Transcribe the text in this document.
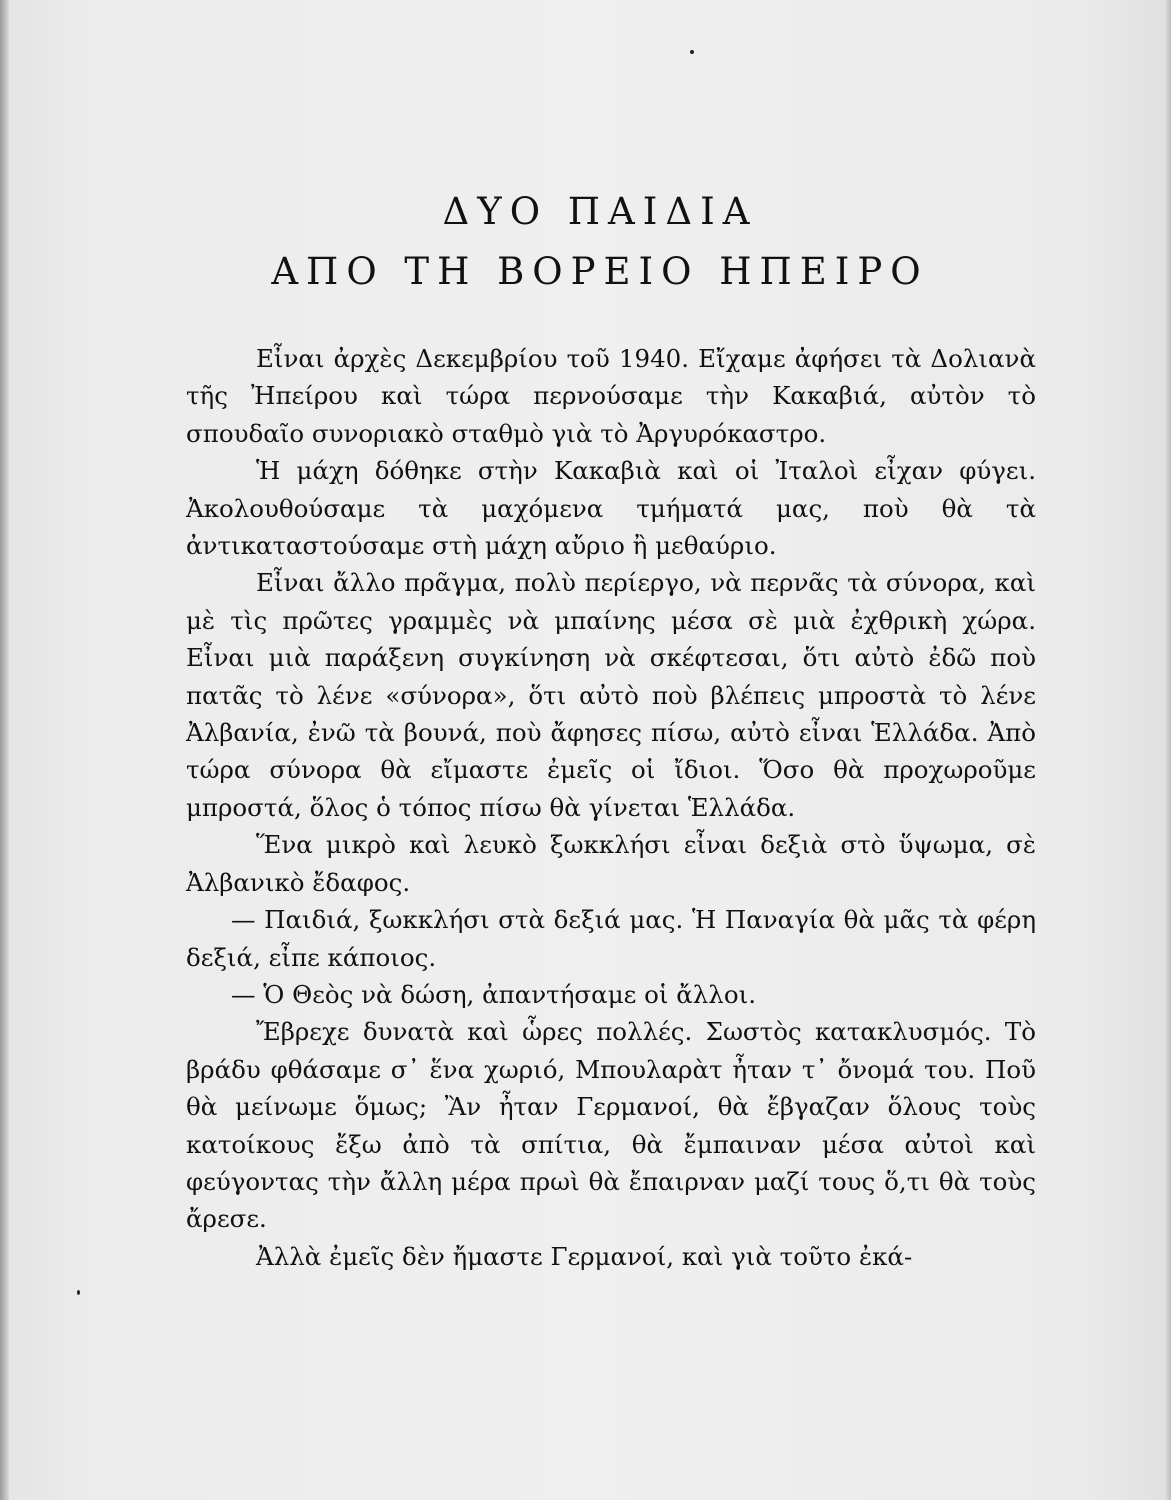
ΔΥΟ ΠΑΙΔΙΑ
ΑΠΟ ΤΗ ΒΟΡΕΙΟ ΗΠΕΙΡΟ

Εἶναι ἀρχὲς Δεκεμβρίου τοῦ 1940. Εἴχαμε ἀφήσει τὰ Δολιανὰ τῆς Ἠπείρου καὶ τώρα περνούσαμε τὴν Κακαβιά, αὐτὸν τὸ σπουδαῖο συνοριακὸ σταθμὸ γιὰ τὸ Ἀργυρόκαστρο.

Ἡ μάχη δόθηκε στὴν Κακαβιὰ καὶ οἱ Ἰταλοὶ εἶχαν φύγει. Ἀκολουθούσαμε τὰ μαχόμενα τμήματά μας, ποὺ θὰ τὰ ἀντικαταστούσαμε στὴ μάχη αὔριο ἢ μεθαύριο.

Εἶναι ἄλλο πρᾶγμα, πολὺ περίεργο, νὰ περνᾶς τὰ σύνορα, καὶ μὲ τὶς πρῶτες γραμμὲς νὰ μπαίνης μέσα σὲ μιὰ ἐχθρικὴ χώρα. Εἶναι μιὰ παράξενη συγκίνηση νὰ σκέφτεσαι, ὅτι αὐτὸ ἐδῶ ποὺ πατᾶς τὸ λένε «σύνορα», ὅτι αὐτὸ ποὺ βλέπεις μπροστὰ τὸ λένε Ἀλβανία, ἐνῶ τὰ βουνά, ποὺ ἄφησες πίσω, αὐτὸ εἶναι Ἑλλάδα. Ἀπὸ τώρα σύνορα θὰ εἴμαστε ἐμεῖς οἱ ἴδιοι. Ὅσο θὰ προχωροῦμε μπροστά, ὅλος ὁ τόπος πίσω θὰ γίνεται Ἑλλάδα.

Ἕνα μικρὸ καὶ λευκὸ ξωκκλήσι εἶναι δεξιὰ στὸ ὕψωμα, σὲ Ἀλβανικὸ ἔδαφος.

— Παιδιά, ξωκκλήσι στὰ δεξιά μας. Ἡ Παναγία θὰ μᾶς τὰ φέρη δεξιά, εἶπε κάποιος.

— Ὁ Θεὸς νὰ δώση, ἀπαντήσαμε οἱ ἄλλοι.

Ἔβρεχε δυνατὰ καὶ ὧρες πολλές. Σωστὸς κατακλυσμός. Τὸ βράδυ φθάσαμε σ᾽ ἕνα χωριό, Μπουλαρὰτ ἦταν τ᾽ ὄνομά του. Ποῦ θὰ μείνωμε ὅμως; Ἂν ἦταν Γερμανοί, θὰ ἔβγαζαν ὅλους τοὺς κατοίκους ἔξω ἀπὸ τὰ σπίτια, θὰ ἔμπαιναν μέσα αὐτοὶ καὶ φεύγοντας τὴν ἄλλη μέρα πρωὶ θὰ ἔπαιρναν μαζί τους ὅ,τι θὰ τοὺς ἄρεσε.

Ἀλλὰ ἐμεῖς δὲν ἤμαστε Γερμανοί, καὶ γιὰ τοῦτο ἐκά-
